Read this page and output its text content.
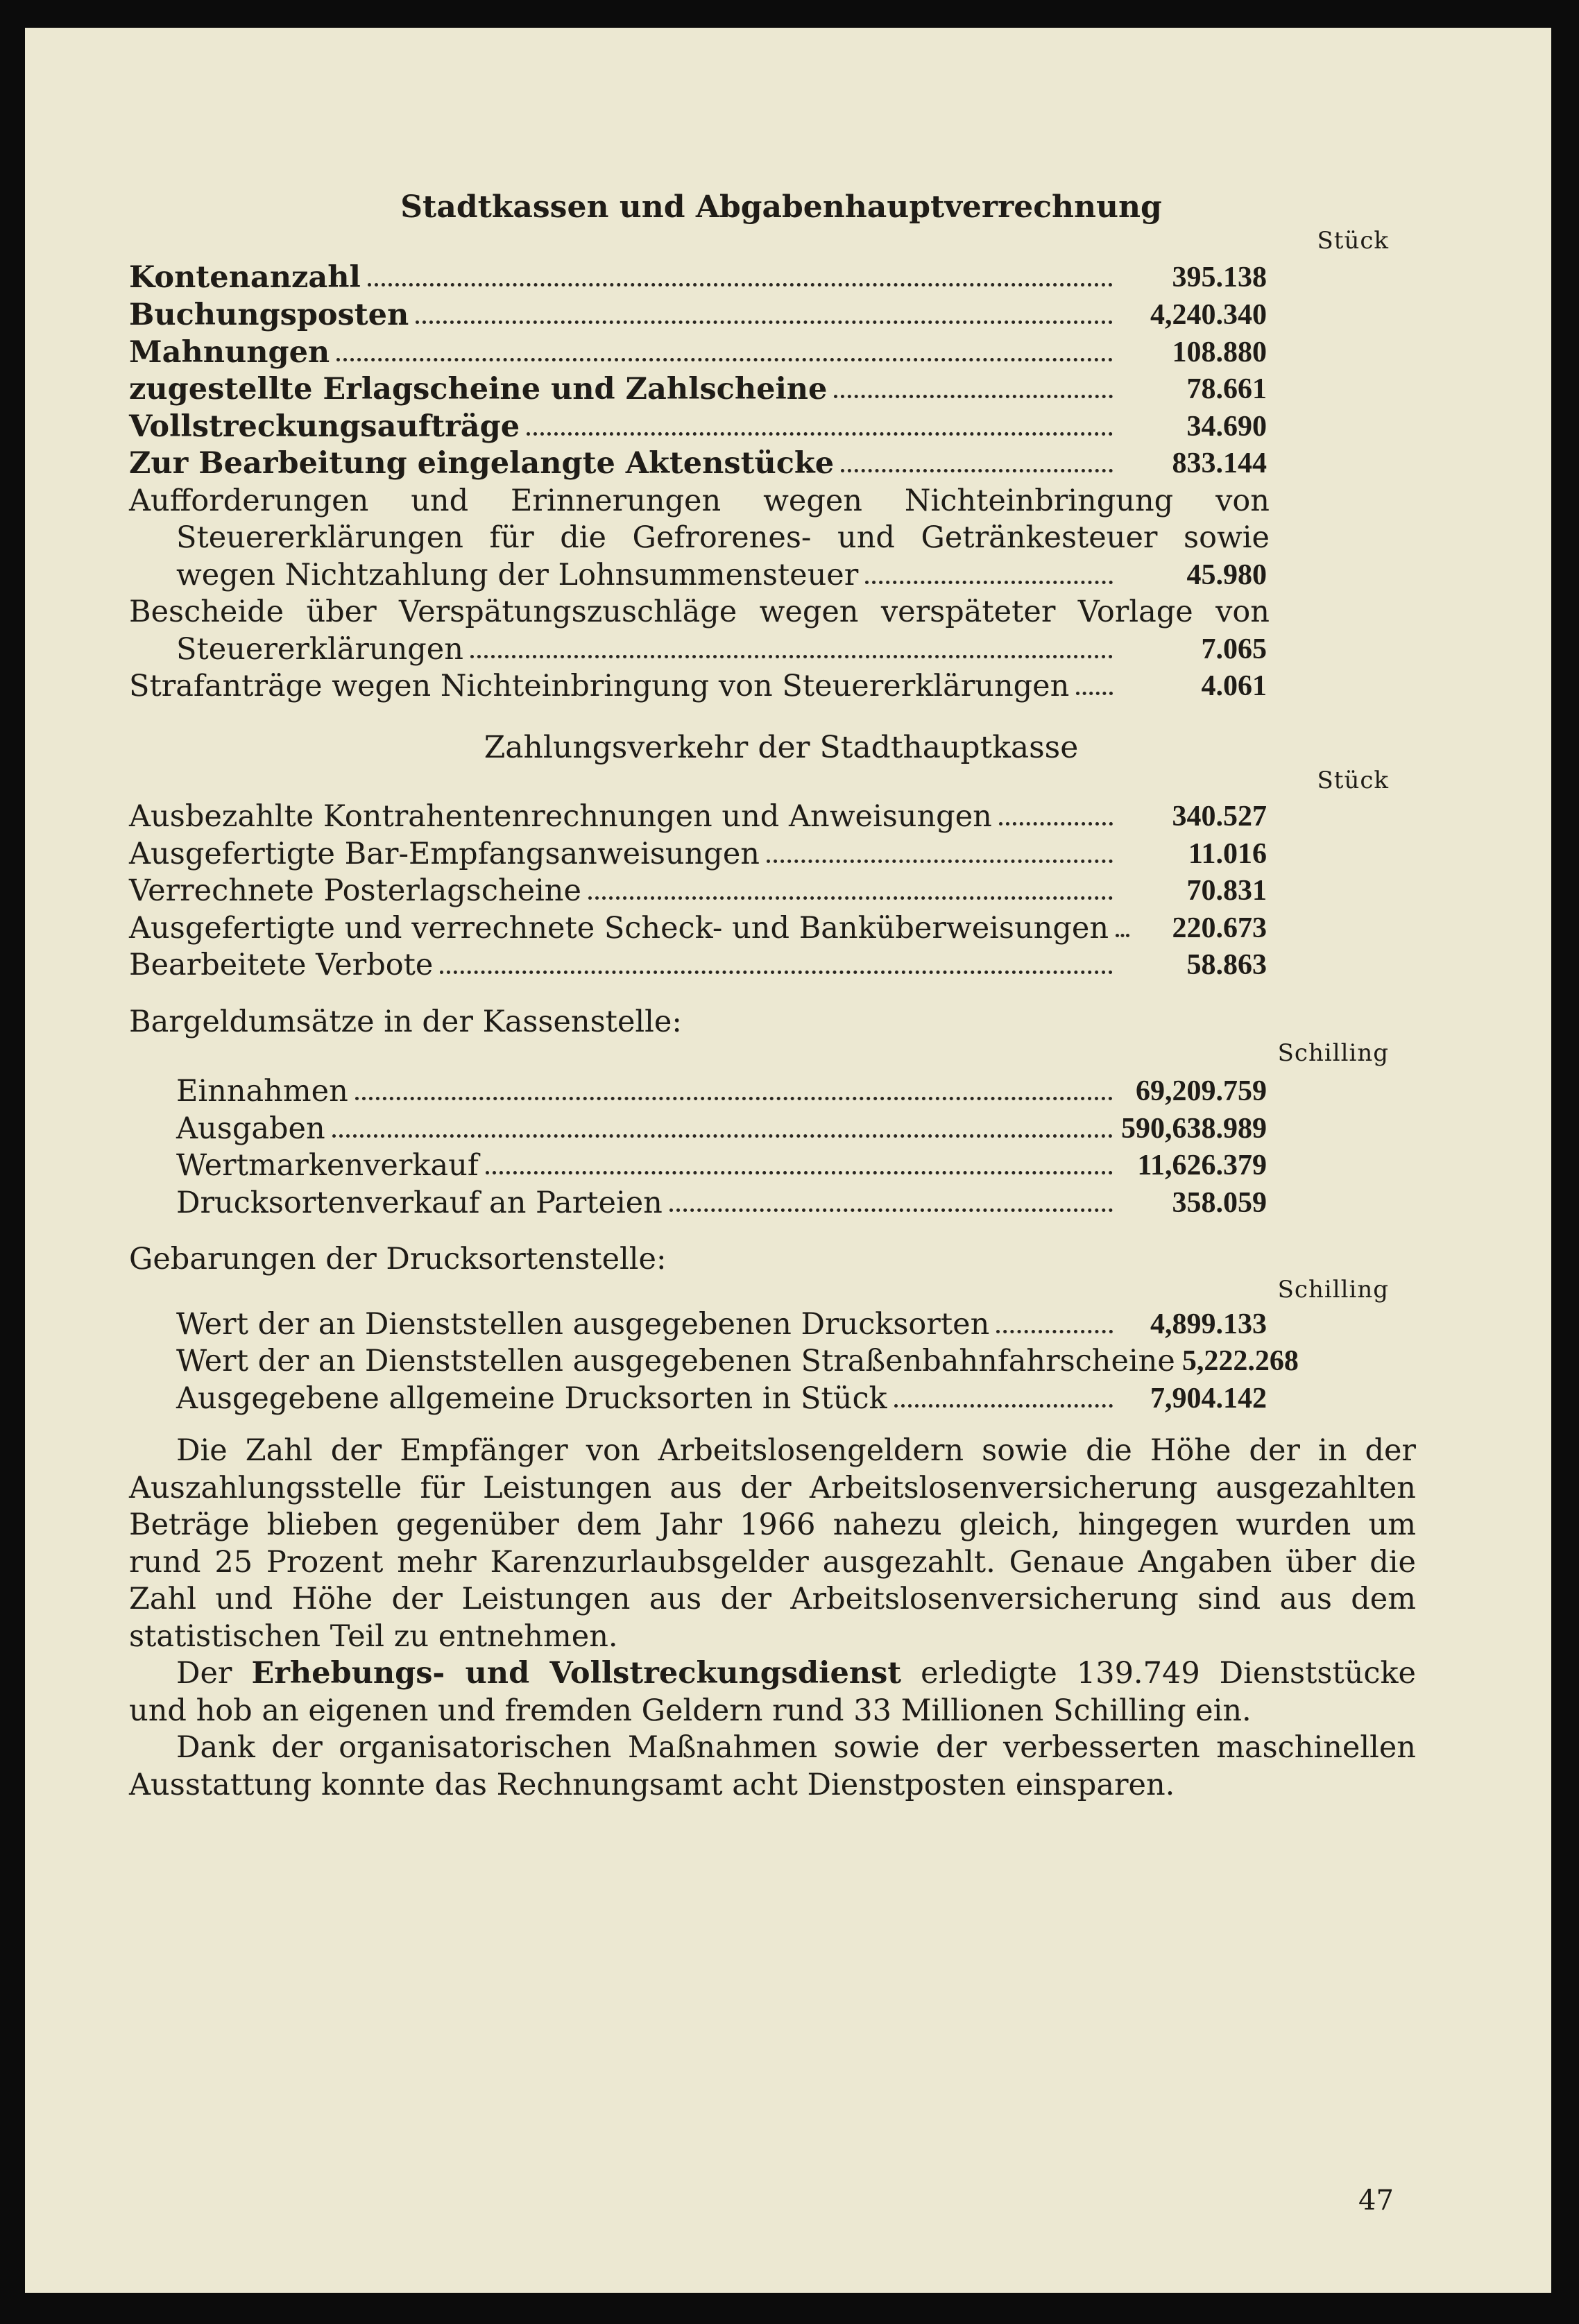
Stadtkassen und Abgabenhauptverrechnung
Stück
Kontenanzahl	395.138
Buchungsposten	4,240.340
Mahnungen	108.880
zugestellte Erlagscheine und Zahlscheine	78.661
Vollstreckungsaufträge	34.690
Zur Bearbeitung eingelangte Aktenstücke	833.144
Aufforderungen und Erinnerungen wegen Nichteinbringung von
Steuererklärungen für die Gefrorenes- und Getränkesteuer sowie
wegen Nichtzahlung der Lohnsummensteuer	45.980
Bescheide über Verspätungszuschläge wegen verspäteter Vorlage von
Steuererklärungen	7.065
Strafanträge wegen Nichteinbringung von Steuererklärungen	4.061
Zahlungsverkehr der Stadthauptkasse
Stück
Ausbezahlte Kontrahentenrechnungen und Anweisungen	340.527
Ausgefertigte Bar-Empfangsanweisungen	11.016
Verrechnete Posterlagscheine	70.831
Ausgefertigte und verrechnete Scheck- und Banküberweisungen	220.673
Bearbeitete Verbote	58.863
Bargeldumsätze in der Kassenstelle:
Schilling
Einnahmen	69,209.759
Ausgaben	590,638.989
Wertmarkenverkauf	11,626.379
Drucksortenverkauf an Parteien	358.059
Gebarungen der Drucksortenstelle:
Schilling
Wert der an Dienststellen ausgegebenen Drucksorten	4,899.133
Wert der an Dienststellen ausgegebenen Straßenbahnfahrscheine 5,222.268
Ausgegebene allgemeine Drucksorten in Stück	7,904.142
Die Zahl der Empfänger von Arbeitslosengeldern sowie die Höhe der in der Auszahlungsstelle für Leistungen aus der Arbeitslosenversicherung ausgezahlten Beträge blieben gegenüber dem Jahr 1966 nahezu gleich, hingegen wurden um rund 25 Prozent mehr Karenzurlaubsgelder ausgezahlt. Genaue Angaben über die Zahl und Höhe der Leistungen aus der Arbeitslosenversicherung sind aus dem statistischen Teil zu entnehmen.
Der Erhebungs- und Vollstreckungsdienst erledigte 139.749 Dienststücke und hob an eigenen und fremden Geldern rund 33 Millionen Schilling ein.
Dank der organisatorischen Maßnahmen sowie der verbesserten maschinellen Ausstattung konnte das Rechnungsamt acht Dienstposten einsparen.
47
